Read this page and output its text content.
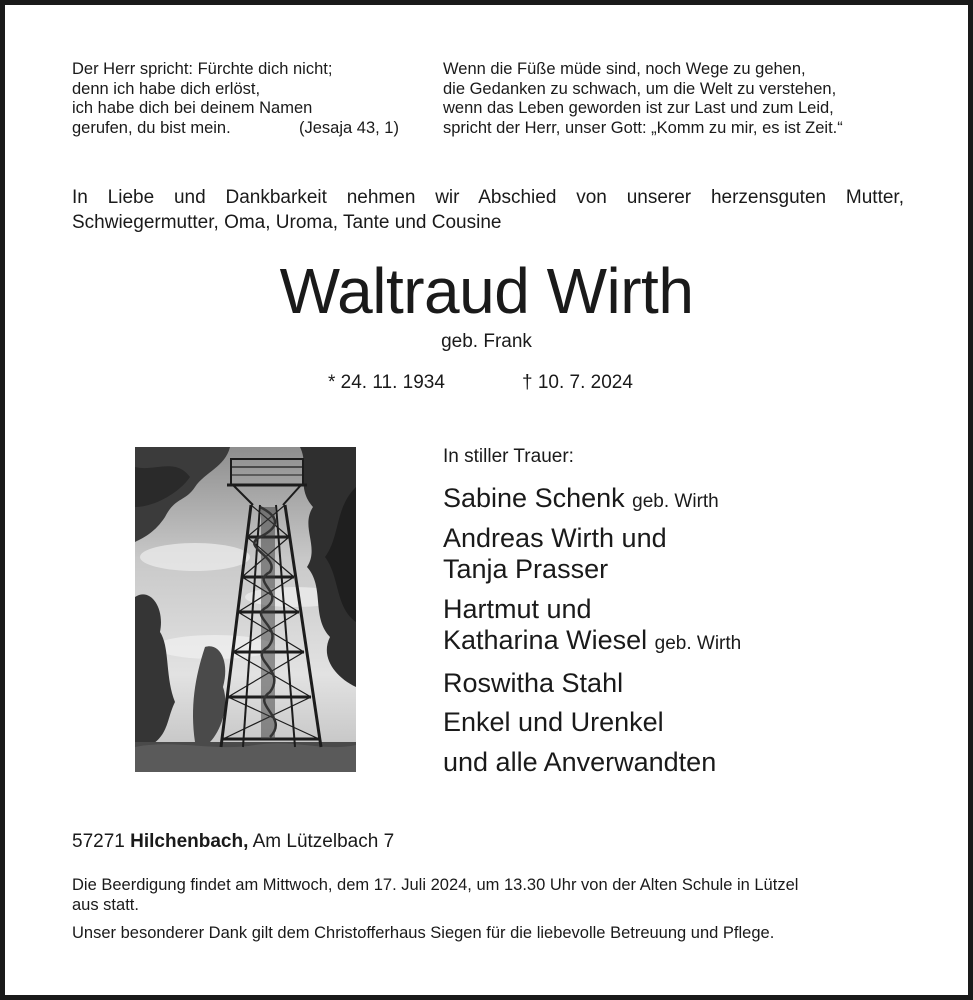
Der Herr spricht: Fürchte dich nicht;
denn ich habe dich erlöst,
ich habe dich bei deinem Namen
gerufen, du bist mein.	(Jesaja 43, 1)
Wenn die Füße müde sind, noch Wege zu gehen,
die Gedanken zu schwach, um die Welt zu verstehen,
wenn das Leben geworden ist zur Last und zum Leid,
spricht der Herr, unser Gott: „Komm zu mir, es ist Zeit.“
In Liebe und Dankbarkeit nehmen wir Abschied von unserer herzensguten Mutter,
Schwiegermutter, Oma, Uroma, Tante und Cousine
Waltraud Wirth
geb. Frank
* 24. 11. 1934	† 10. 7. 2024
In stiller Trauer:
Sabine Schenk geb. Wirth
Andreas Wirth und
Tanja Prasser
Hartmut und
Katharina Wiesel geb. Wirth
Roswitha Stahl
Enkel und Urenkel
und alle Anverwandten
57271 Hilchenbach, Am Lützelbach 7
Die Beerdigung findet am Mittwoch, dem 17. Juli 2024, um 13.30 Uhr von der Alten Schule in Lützel
aus statt.
Unser besonderer Dank gilt dem Christofferhaus Siegen für die liebevolle Betreuung und Pflege.
